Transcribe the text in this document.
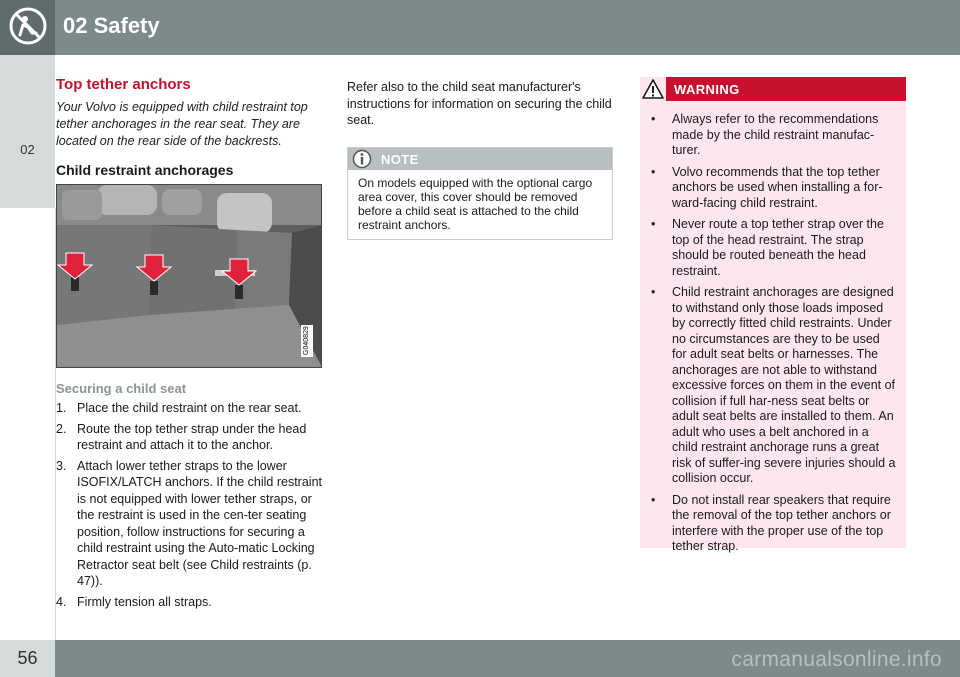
02 Safety
02
Top tether anchors
Your Volvo is equipped with child restraint top tether anchorages in the rear seat. They are located on the rear side of the backrests.
Child restraint anchorages
G040829
Securing a child seat
1. Place the child restraint on the rear seat.
2. Route the top tether strap under the head restraint and attach it to the anchor.
3. Attach lower tether straps to the lower ISOFIX/LATCH anchors. If the child restraint is not equipped with lower tether straps, or the restraint is used in the cen-ter seating position, follow instructions for securing a child restraint using the Auto-matic Locking Retractor seat belt (see Child restraints (p. 47)).
4. Firmly tension all straps.
Refer also to the child seat manufacturer's instructions for information on securing the child seat.
NOTE
On models equipped with the optional cargo area cover, this cover should be removed before a child seat is attached to the child restraint anchors.
WARNING
• Always refer to the recommendations made by the child restraint manufac-turer.
• Volvo recommends that the top tether anchors be used when installing a for-ward-facing child restraint.
• Never route a top tether strap over the top of the head restraint. The strap should be routed beneath the head restraint.
• Child restraint anchorages are designed to withstand only those loads imposed by correctly fitted child restraints. Under no circumstances are they to be used for adult seat belts or harnesses. The anchorages are not able to withstand excessive forces on them in the event of collision if full har-ness seat belts or adult seat belts are installed to them. An adult who uses a belt anchored in a child restraint anchorage runs a great risk of suffer-ing severe injuries should a collision occur.
• Do not install rear speakers that require the removal of the top tether anchors or interfere with the proper use of the top tether strap.
56	carmanualsonline.info
